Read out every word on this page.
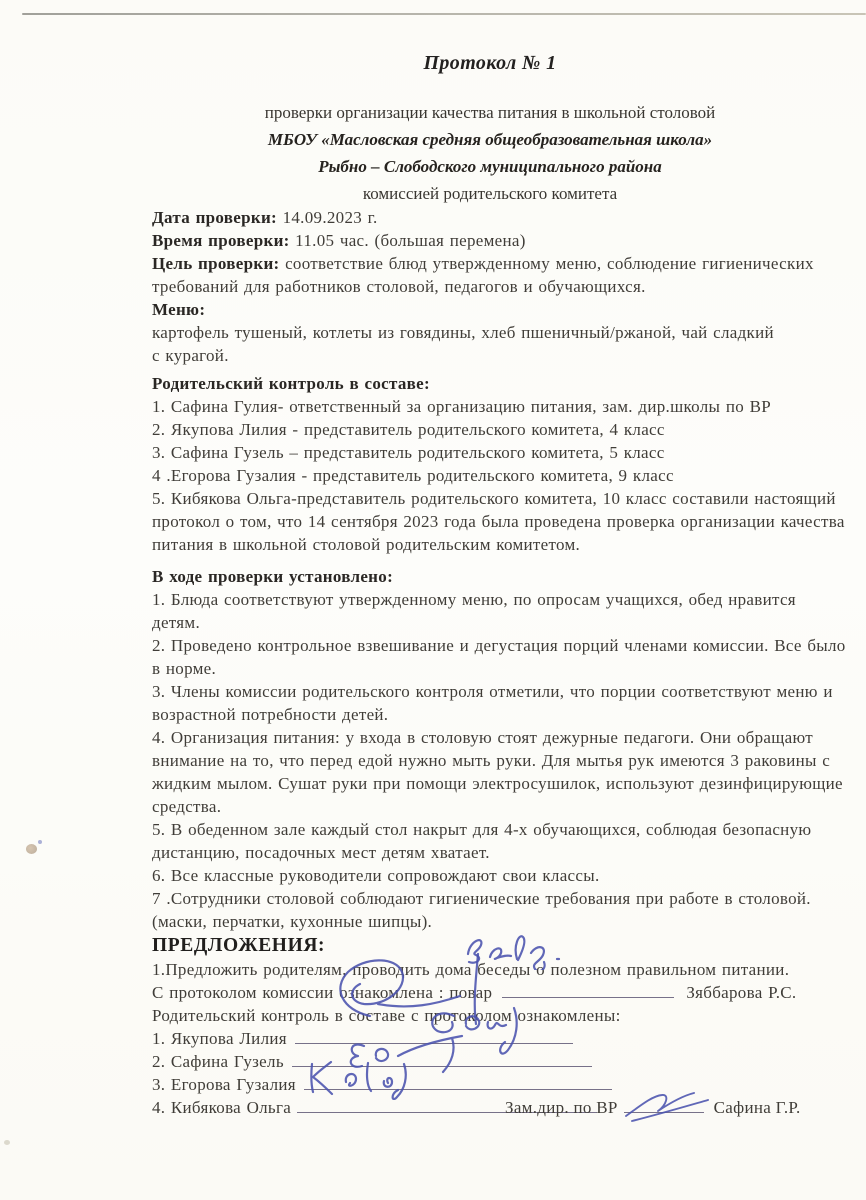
Протокол № 1
проверки организации качества питания в школьной столовой
МБОУ «Масловская средняя общеобразовательная школа»
Рыбно – Слободского муниципального района
комиссией родительского комитета
Дата проверки: 14.09.2023 г.
Время проверки: 11.05 час. (большая перемена)
Цель проверки: соответствие блюд утвержденному меню, соблюдение гигиенических
требований для работников столовой, педагогов и обучающихся.
Меню: картофель тушеный, котлеты из говядины, хлеб пшеничный/ржаной, чай сладкий
с курагой.
Родительский контроль в составе:
1. Сафина Гулия- ответственный за организацию питания, зам. дир.школы по ВР
2. Якупова Лилия - представитель родительского комитета, 4 класс
3. Сафина Гузель – представитель родительского комитета, 5 класс
4 .Егорова Гузалия - представитель родительского комитета, 9 класс
5. Кибякова Ольга-представитель родительского комитета, 10 класс составили настоящий
протокол о том, что 14 сентября 2023 года была проведена проверка организации качества
питания в школьной столовой родительским комитетом.
В ходе проверки установлено:
1. Блюда соответствуют утвержденному меню, по опросам учащихся, обед нравится
детям.
2. Проведено контрольное взвешивание и дегустация порций членами комиссии. Все было
в норме.
3. Члены комиссии родительского контроля отметили, что порции соответствуют меню и
возрастной потребности детей.
4. Организация питания: у входа в столовую стоят дежурные педагоги. Они обращают
внимание на то, что перед едой нужно мыть руки. Для мытья рук имеются 3 раковины с
жидким мылом. Сушат руки при помощи электросушилок, используют дезинфицирующие
средства.
5. В обеденном зале каждый стол накрыт для 4-х обучающихся, соблюдая безопасную
дистанцию, посадочных мест детям хватает.
6. Все классные руководители сопровождают свои классы.
7 .Сотрудники столовой соблюдают гигиенические требования при работе в столовой.
(маски, перчатки, кухонные шипцы).
ПРЕДЛОЖЕНИЯ:
1.Предложить родителям, проводить дома беседы о полезном правильном питании.
С протоколом комиссии ознакомлена : повар	Зяббарова Р.С.
Родительский контроль в составе с протоколом ознакомлены:
1. Якупова Лилия
2. Сафина Гузель
3. Егорова Гузалия
4. Кибякова Ольга	Зам.дир. по ВР	Сафина Г.Р.
